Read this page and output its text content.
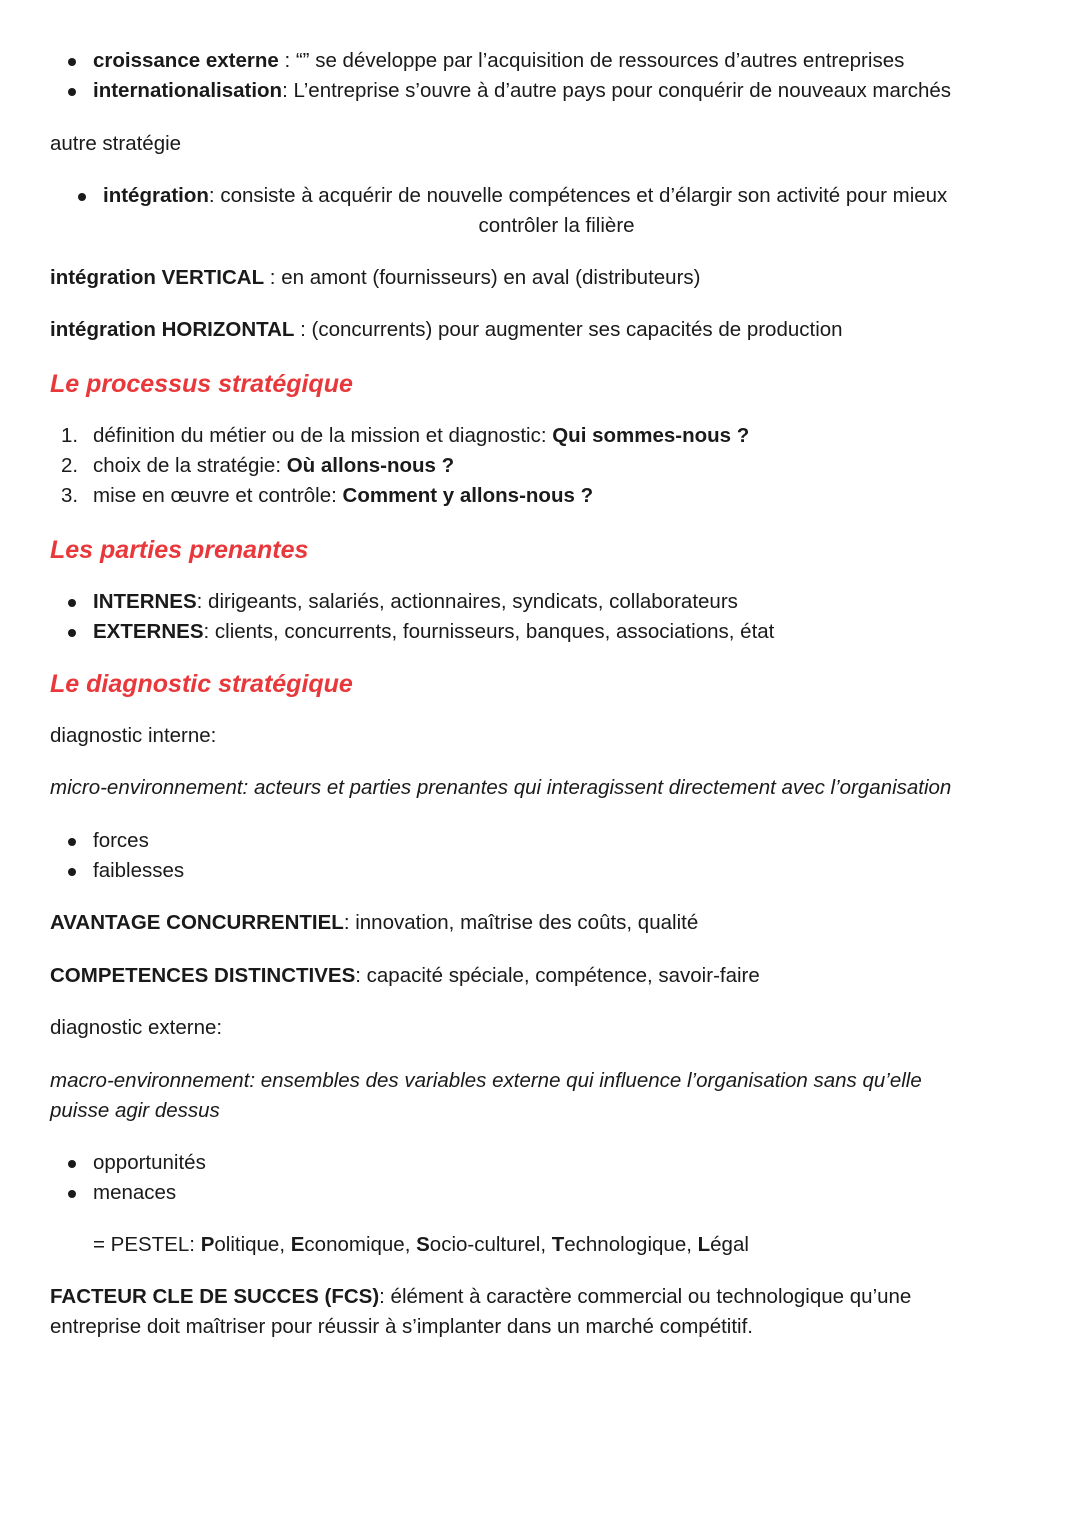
croissance externe : “” se développe par l’acquisition de ressources d’autres entreprises
internationalisation: L’entreprise s’ouvre à d’autre pays pour conquérir de nouveaux marchés

autre stratégie

intégration: consiste à acquérir de nouvelle compétences et d’élargir son activité pour mieux
contrôler la filière

intégration VERTICAL : en amont (fournisseurs) en aval (distributeurs)

intégration HORIZONTAL : (concurrents) pour augmenter ses capacités de production

Le processus stratégique
1. définition du métier ou de la mission et diagnostic: Qui sommes-nous ?
2. choix de la stratégie: Où allons-nous ?
3. mise en œuvre et contrôle: Comment y allons-nous ?
Les parties prenantes
INTERNES: dirigeants, salariés, actionnaires, syndicats, collaborateurs
EXTERNES: clients, concurrents, fournisseurs, banques, associations, état
Le diagnostic stratégique

diagnostic interne:

micro-environnement: acteurs et parties prenantes qui interagissent directement avec l’organisation

forces
faiblesses

AVANTAGE CONCURRENTIEL: innovation, maîtrise des coûts, qualité

COMPETENCES DISTINCTIVES: capacité spéciale, compétence, savoir-faire

diagnostic externe:

macro-environnement: ensembles des variables externe qui influence l’organisation sans qu’elle
puisse agir dessus
opportunités
menaces

= PESTEL: Politique, Economique, Socio-culturel, Technologique, Légal

FACTEUR CLE DE SUCCES (FCS): élément à caractère commercial ou technologique qu’une
entreprise doit maîtriser pour réussir à s’implanter dans un marché compétitif.
